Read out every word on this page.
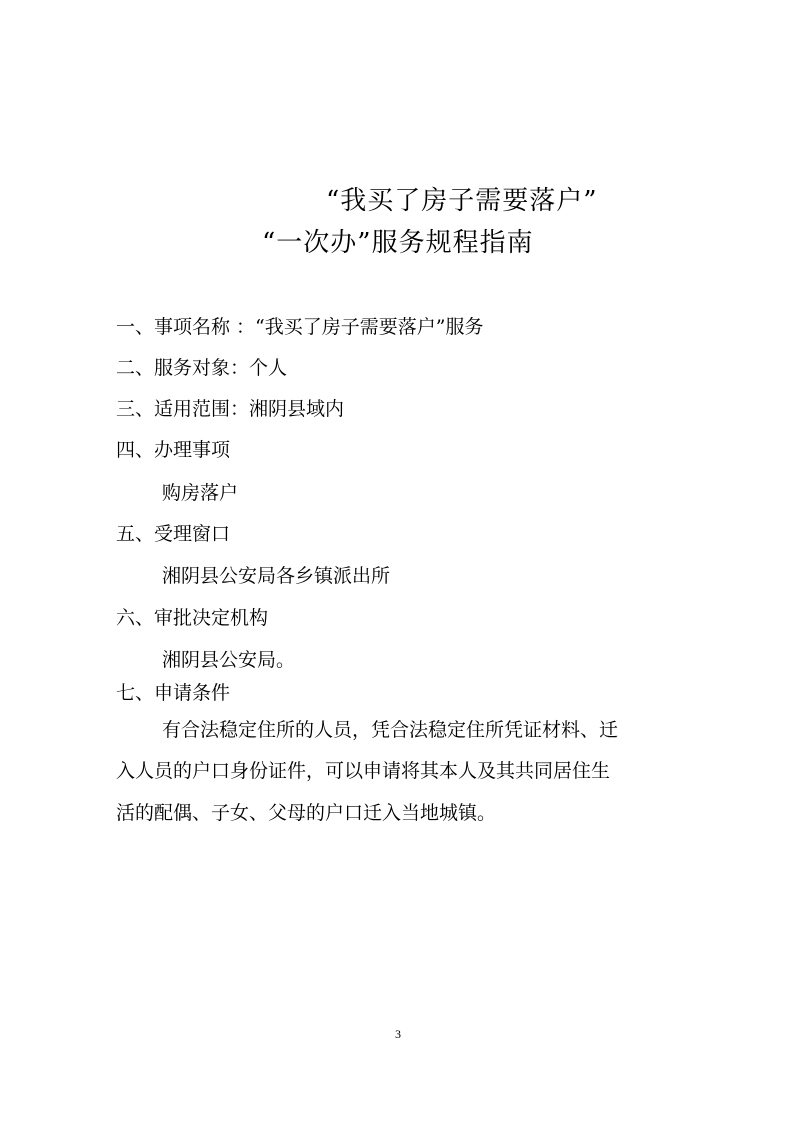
“我买了房子需要落户”
“一次办”服务规程指南
一、事项名称 ：“我买了房子需要落户”服务
二、服务对象：个人
三、适用范围：湘阴县域内
四、办理事项
购房落户
五、受理窗口
湘阴县公安局各乡镇派出所
六、审批决定机构
湘阴县公安局。
七、申请条件
有合法稳定住所的人员，凭合法稳定住所凭证材料、迁
入人员的户口身份证件，可以申请将其本人及其共同居住生
活的配偶、子女、父母的户口迁入当地城镇。
3
